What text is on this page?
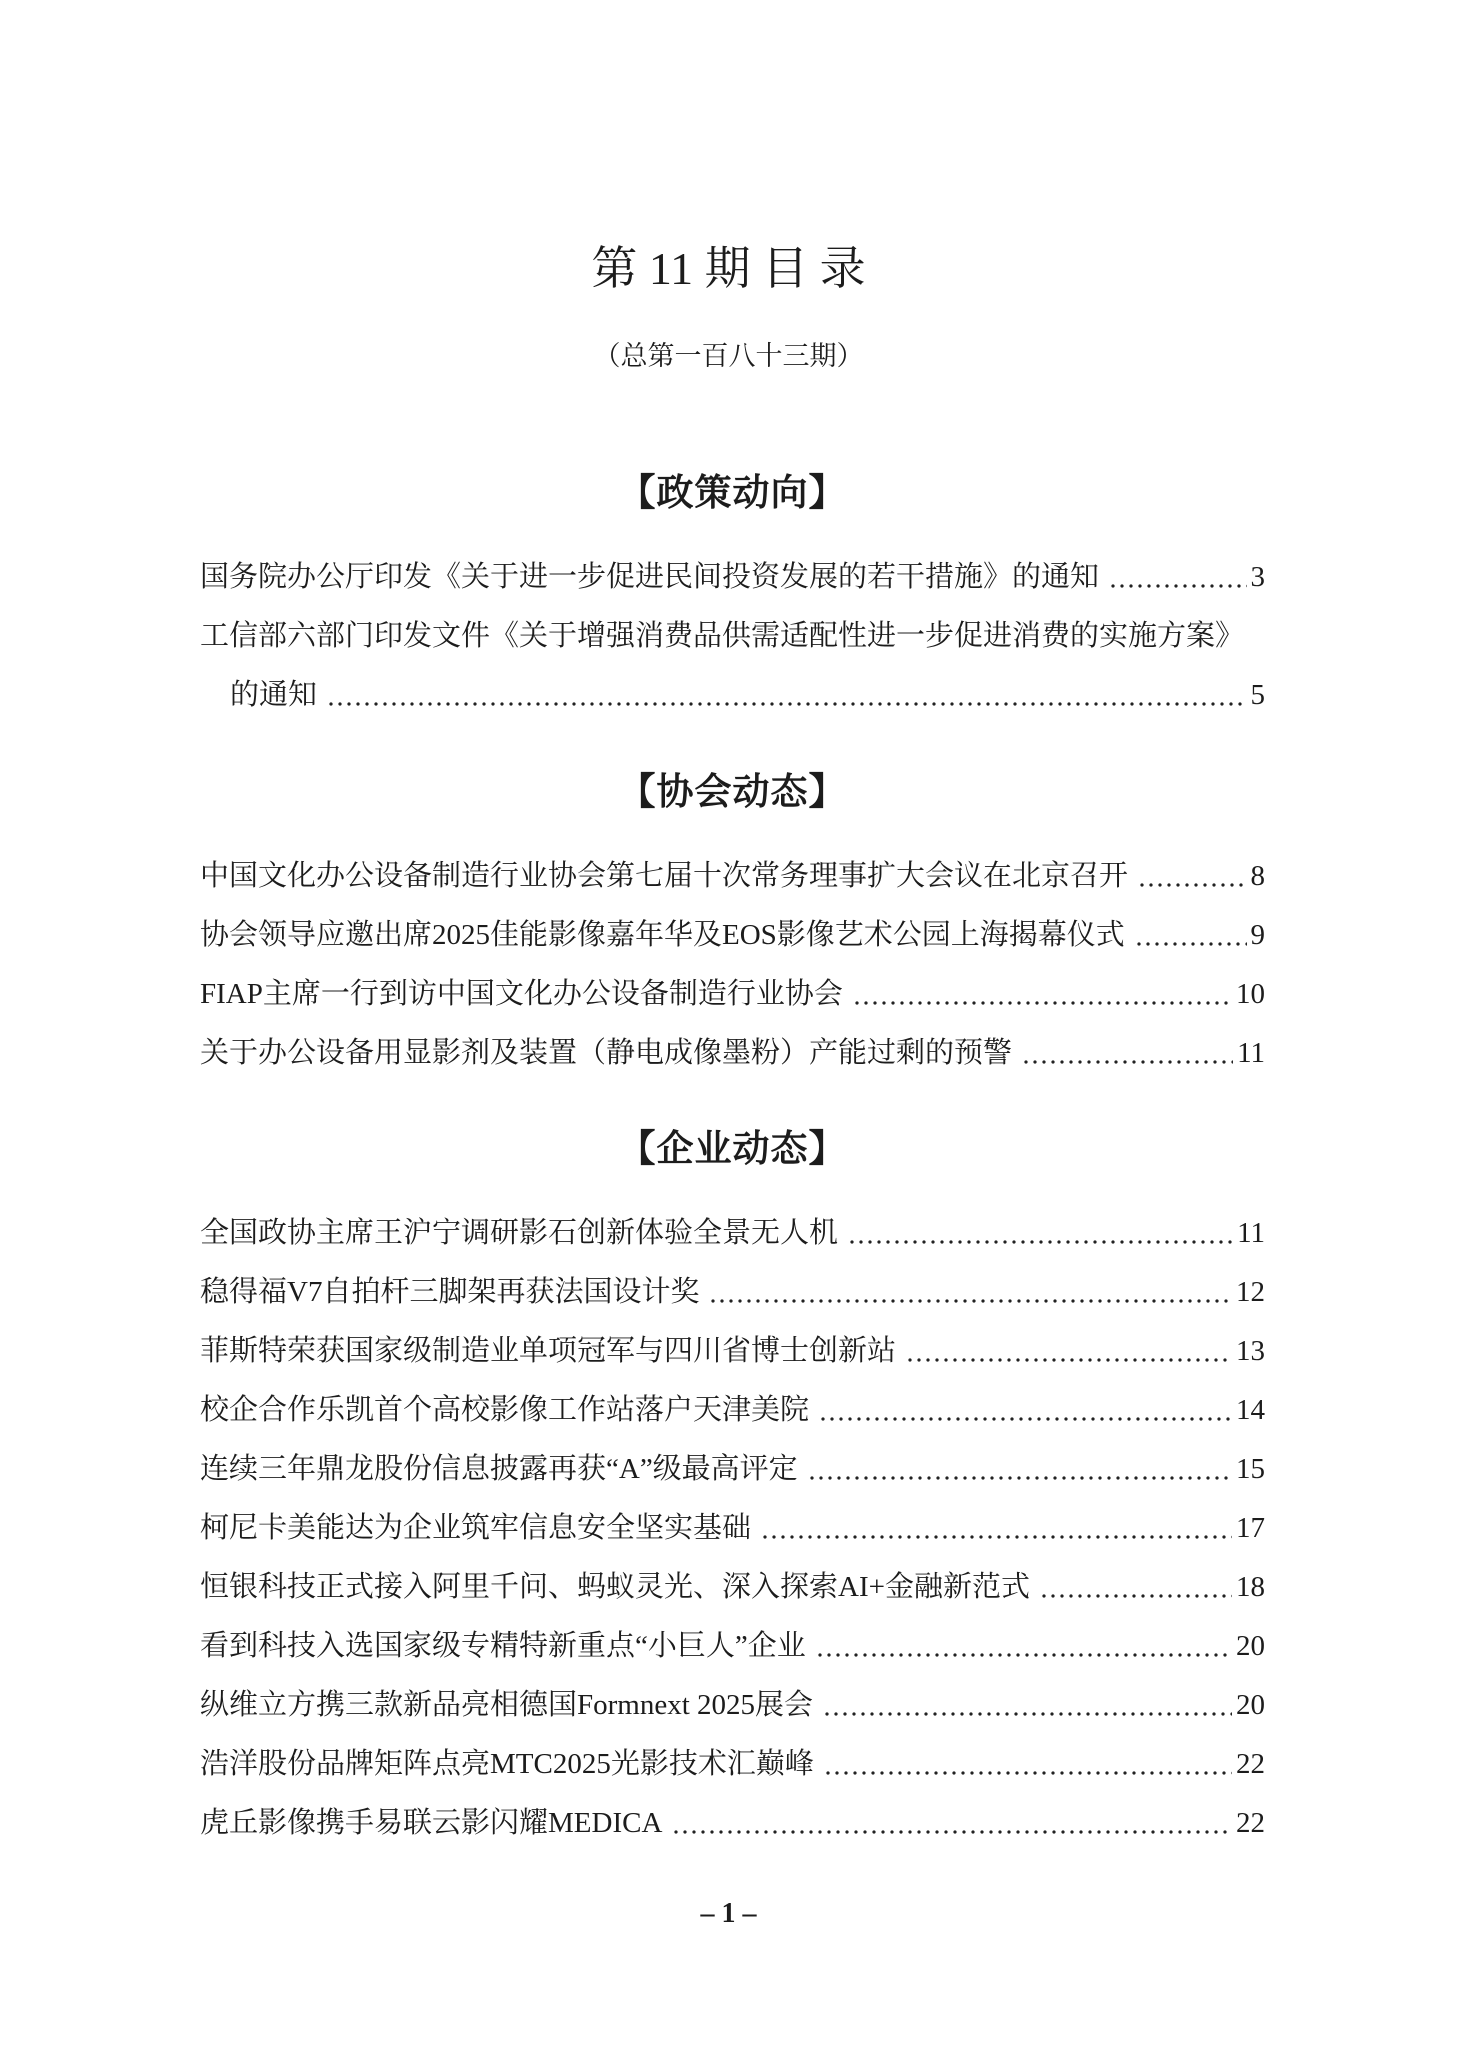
第 11 期 目 录
（总第一百八十三期）
【政策动向】
国务院办公厅印发《关于进一步促进民间投资发展的若干措施》的通知	3
工信部六部门印发文件《关于增强消费品供需适配性进一步促进消费的实施方案》
的通知	5
【协会动态】
中国文化办公设备制造行业协会第七届十次常务理事扩大会议在北京召开	8
协会领导应邀出席2025佳能影像嘉年华及EOS影像艺术公园上海揭幕仪式	9
FIAP主席一行到访中国文化办公设备制造行业协会	10
关于办公设备用显影剂及装置（静电成像墨粉）产能过剩的预警	11
【企业动态】
全国政协主席王沪宁调研影石创新体验全景无人机	11
稳得福V7自拍杆三脚架再获法国设计奖	12
菲斯特荣获国家级制造业单项冠军与四川省博士创新站	13
校企合作乐凯首个高校影像工作站落户天津美院	14
连续三年鼎龙股份信息披露再获“A”级最高评定	15
柯尼卡美能达为企业筑牢信息安全坚实基础	17
恒银科技正式接入阿里千问、蚂蚁灵光、深入探索AI+金融新范式	18
看到科技入选国家级专精特新重点“小巨人”企业	20
纵维立方携三款新品亮相德国Formnext 2025展会	20
浩洋股份品牌矩阵点亮MTC2025光影技术汇巅峰	22
虎丘影像携手易联云影闪耀MEDICA	22
– 1 –
